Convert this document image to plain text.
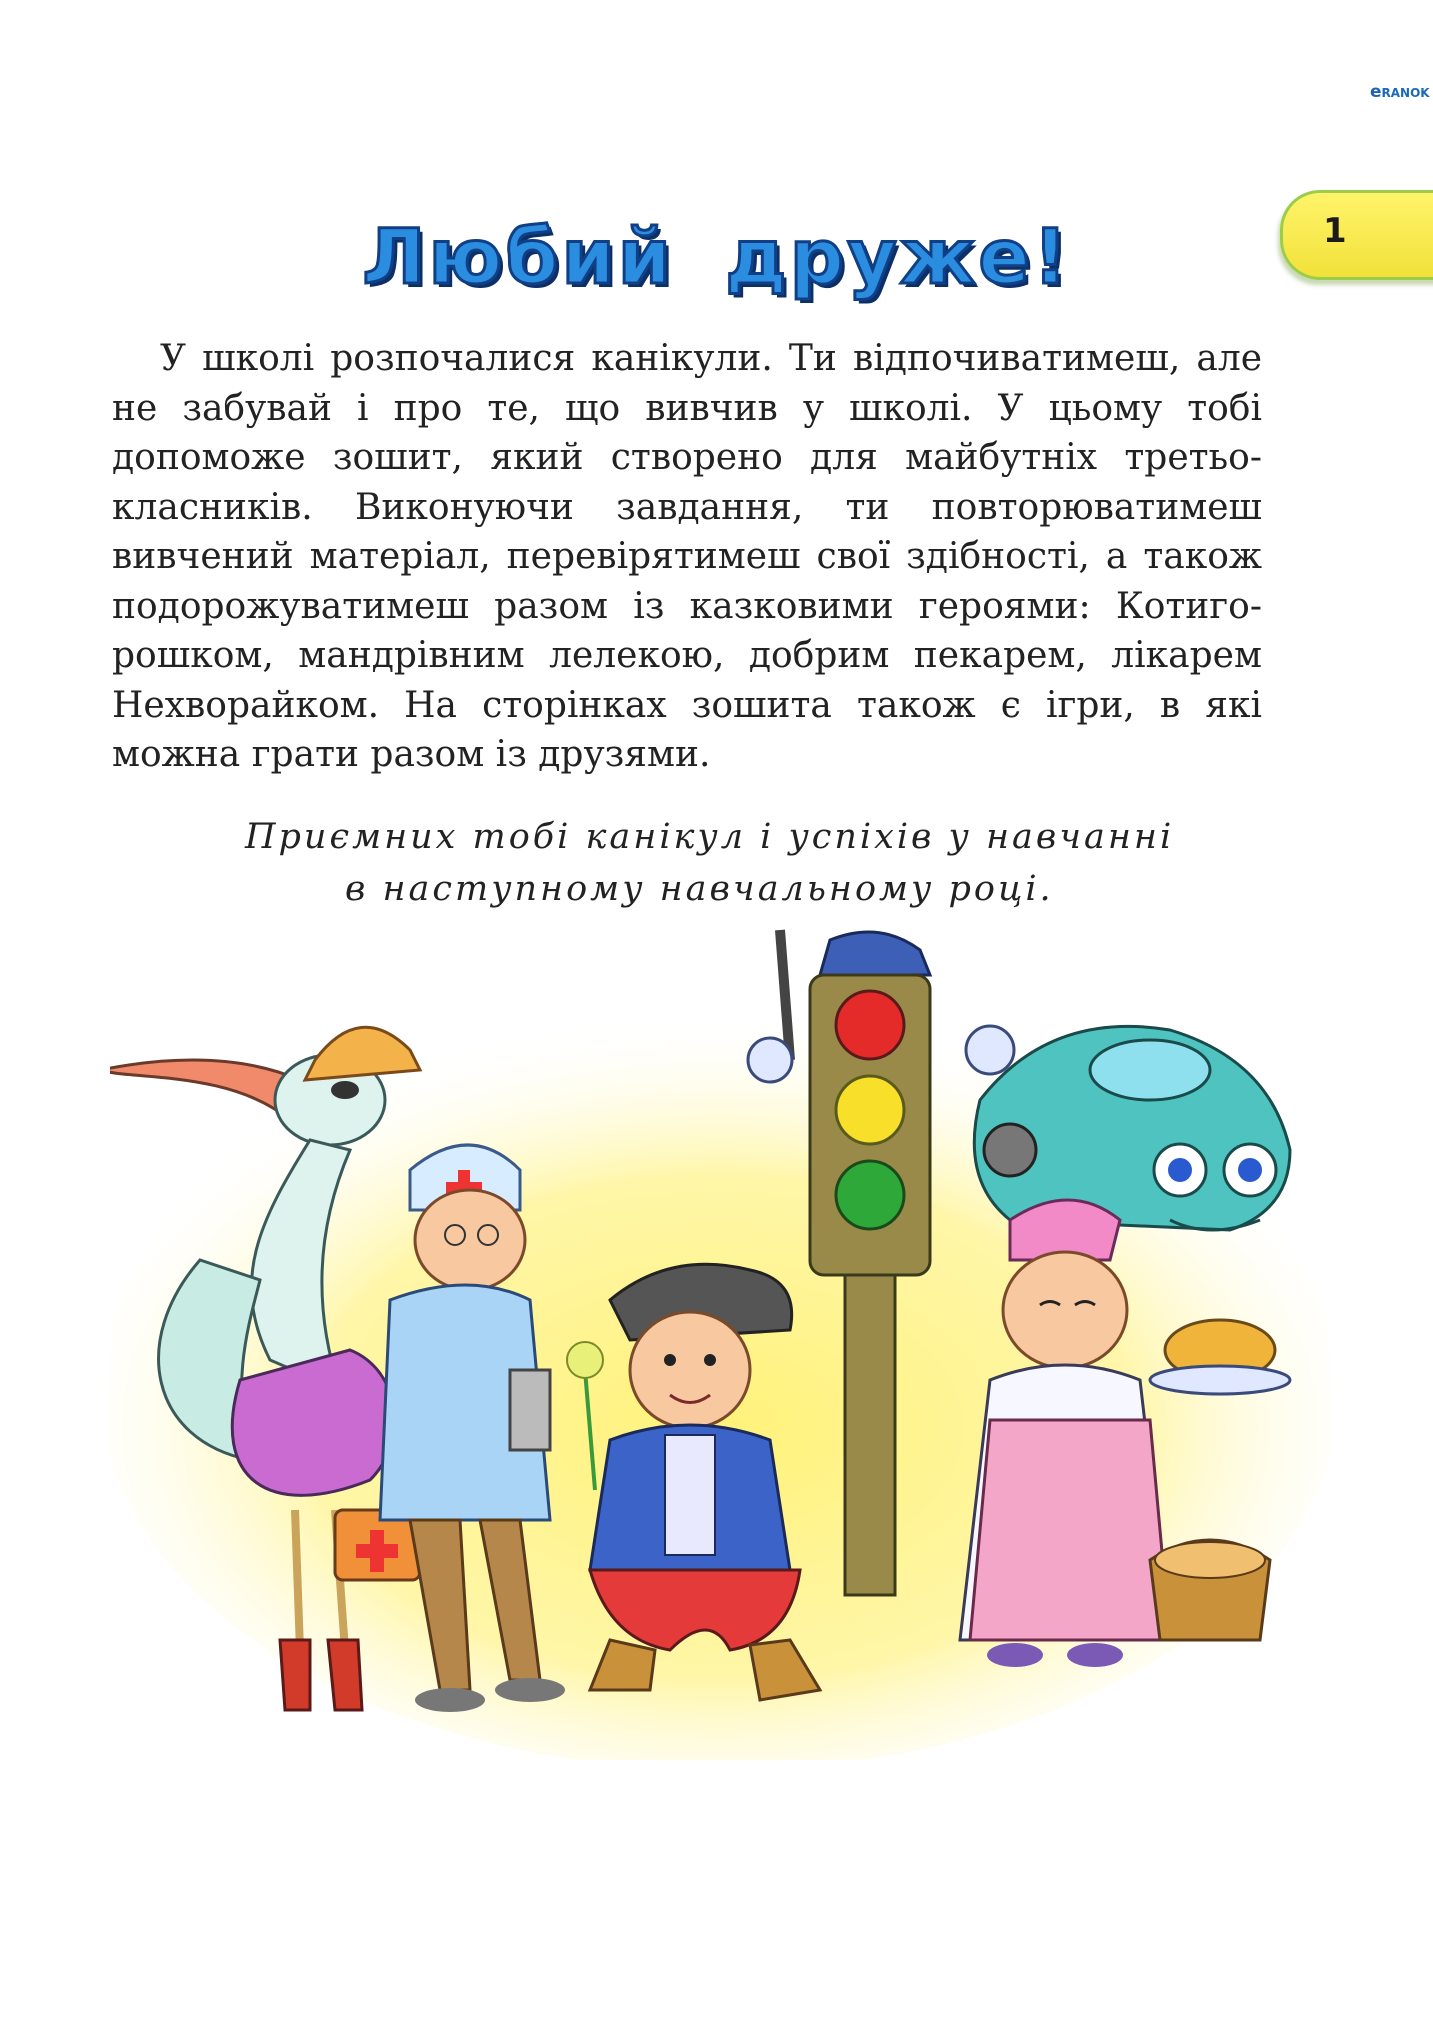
eRANOK
1
Любий друже!

У школі розпочалися канікули. Ти відпочиватимеш, але не забувай і про те, що вивчив у школі. У цьому тобі допоможе зошит, який створено для майбутніх третьокласників. Виконуючи завдання, ти повторюватимеш вивчений матеріал, перевірятимеш свої здібності, а також подорожуватимеш разом із казковими героями: Котигорошком, мандрівним лелекою, добрим пекарем, лікарем Нехворайком. На сторінках зошита також є ігри, в які можна грати разом із друзями.

Приємних тобі канікул і успіхів у навчанні
в наступному навчальному році.
